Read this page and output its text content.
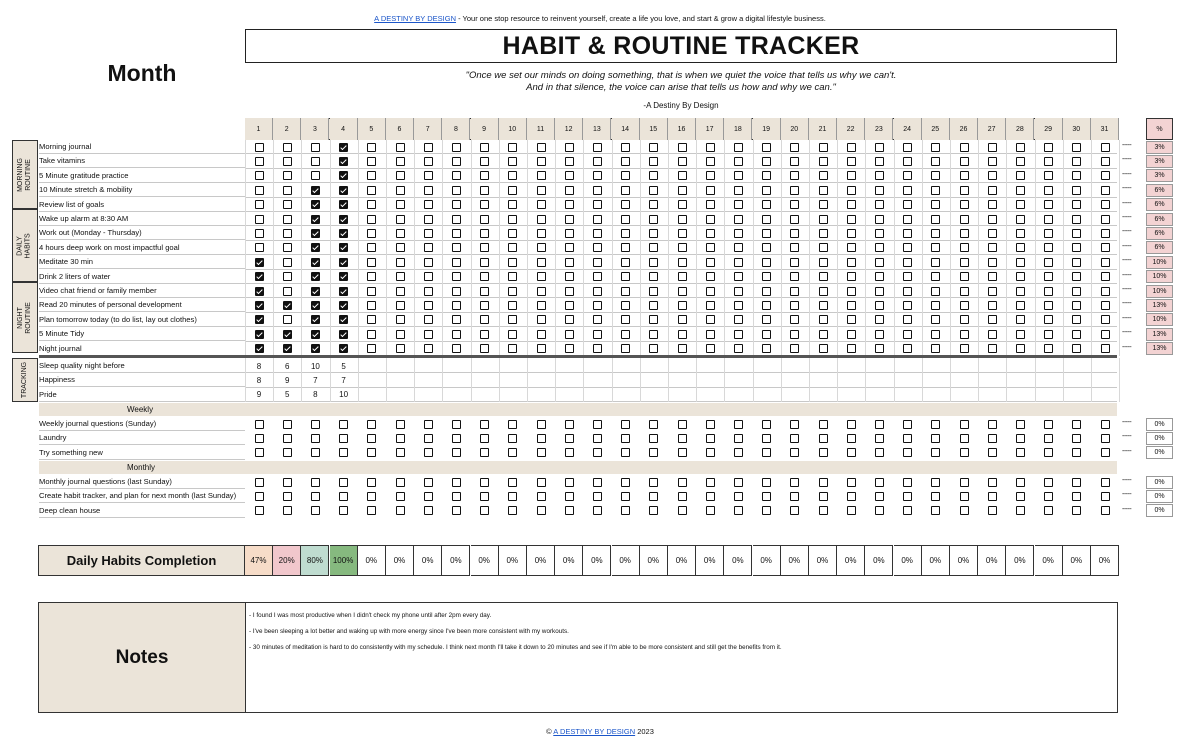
A DESTINY BY DESIGN - Your one stop resource to reinvent yourself, create a life you love, and start & grow a digital lifestyle business.
HABIT & ROUTINE TRACKER
Month	"Once we set our minds on doing something, that is when we quiet the voice that tells us why we can't.
And in that silence, the voice can arise that tells us how and why we can."
-A Destiny By Design
1	2	3	4	5	6	7	8	9	10	11	12	13	14	15	16	17	18	19	20	21	22	23	24	25	26	27	28	29	30	31	%
MORNING ROUTINE
DAILY HABITS
NIGHT ROUTINE
TRACKING
Morning journal	-----	3%
Take vitamins	-----	3%
5 Minute gratitude practice	-----	3%
10 Minute stretch & mobility	-----	6%
Review list of goals	-----	6%
Wake up alarm at 8:30 AM	-----	6%
Work out (Monday - Thursday)	-----	6%
4 hours deep work on most impactful goal	-----	6%
Meditate 30 min	-----	10%
Drink 2 liters of water	-----	10%
Video chat friend or family member	-----	10%
Read 20 minutes of personal development	-----	13%
Plan tomorrow today (to do list, lay out clothes)	-----	10%
5 Minute Tidy	-----	13%
Night journal	-----	13%
Sleep quality night before	8	6	10	5
Happiness	8	9	7	7
Pride	9	5	8	10
Weekly
Weekly journal questions (Sunday)	-----	0%
Laundry	-----	0%
Try something new	-----	0%
Monthly
Monthly journal questions (last Sunday)	-----	0%
Create habit tracker, and plan for next month (last Sunday)	-----	0%
Deep clean house	-----	0%
Daily Habits Completion	47%	20%	80%	100%	0%	0%	0%	0%	0%	0%	0%	0%	0%	0%	0%	0%	0%	0%	0%	0%	0%	0%	0%	0%	0%	0%	0%	0%	0%	0%	0%
Notes
- I found I was most productive when I didn't check my phone until after 2pm every day.
- I've been sleeping a lot better and waking up with more energy since I've been more consistent with my workouts.
- 30 minutes of meditation is hard to do consistently with my schedule. I think next month I'll take it down to 20 minutes and see if I'm able to be more consistent and still get the benefits from it.
© A DESTINY BY DESIGN 2023
